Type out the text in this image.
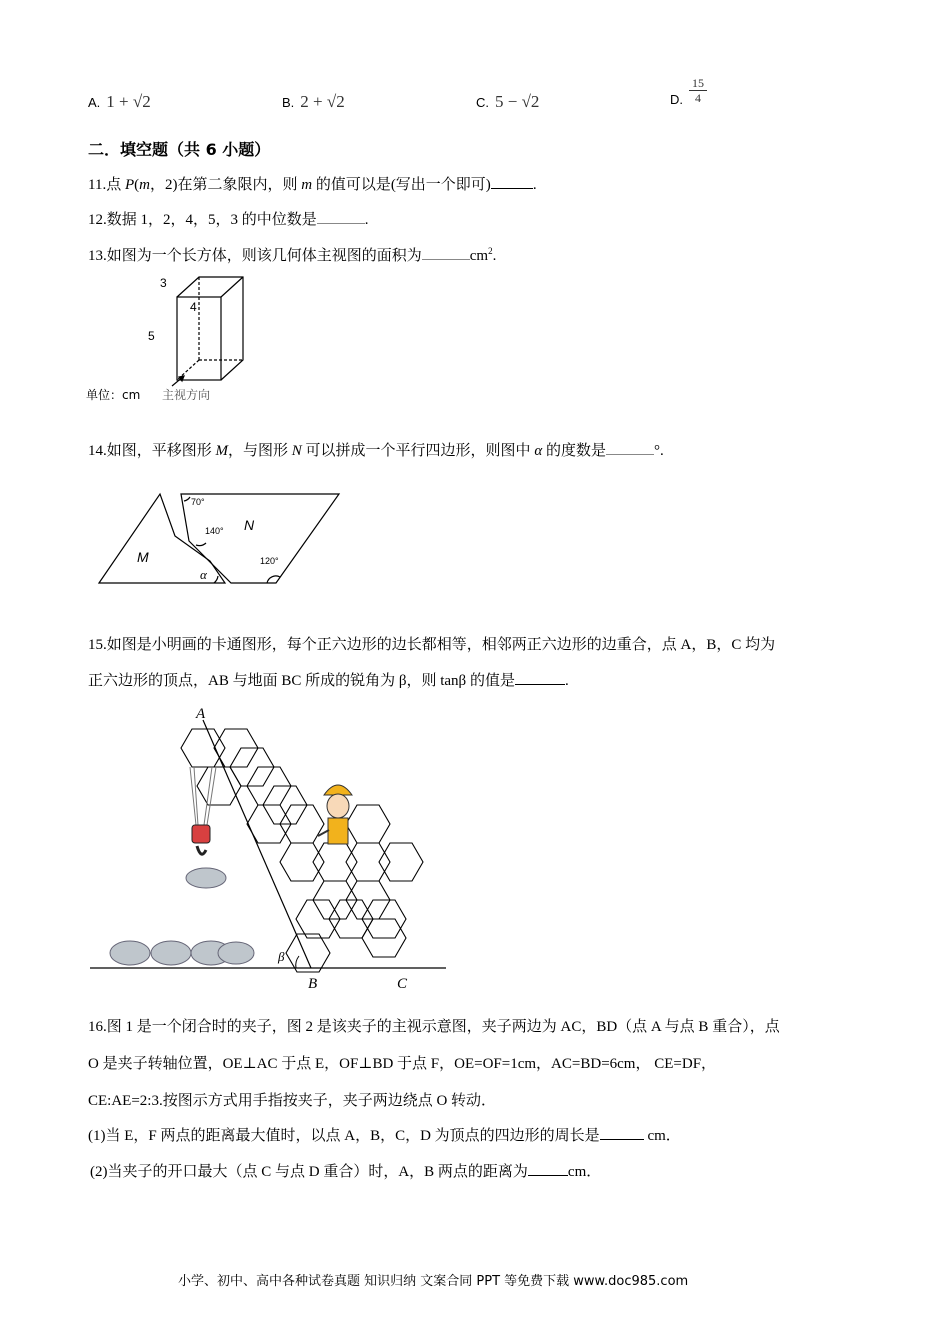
A. 1 + √2	B. 2 + √2	C. 5 − √2	D. $\frac{15}{4}$
二．填空题（共 6 小题）
11.点 P(m，2)在第二象限内，则 m 的值可以是(写出一个即可)	.
12.数据 1，2，4，5，3 的中位数是	.
13.如图为一个长方体，则该几何体主视图的面积为	$cm^2$.
3
4
5
单位：cm 主视方向
14.如图，平移图形 M，与图形 N 可以拼成一个平行四边形，则图中 α 的度数是	°.
M
N
70°
140°
120°
α
15.如图是小明画的卡通图形，每个正六边形的边长都相等，相邻两正六边形的边重合，点 A，B，C 均为
正六边形的顶点，AB 与地面 BC 所成的锐角为 β，则 tanβ 的值是	.
A
B	C
β
16.图 1 是一个闭合时的夹子，图 2 是该夹子的主视示意图，夹子两边为 AC，BD（点 A 与点 B 重合），点
O 是夹子转轴位置，OE⊥AC 于点 E，OF⊥BD 于点 F，OE=OF=1cm，AC=BD=6cm， CE=DF，
CE:AE=2:3.按图示方式用手指按夹子，夹子两边绕点 O 转动．
(1)当 E，F 两点的距离最大值时，以点 A，B，C，D 为顶点的四边形的周长是	cm．
(2)当夹子的开口最大（点 C 与点 D 重合）时，A，B 两点的距离为	cm．
小学、初中、高中各种试卷真题 知识归纳 文案合同 PPT 等免费下载 www.doc985.com
